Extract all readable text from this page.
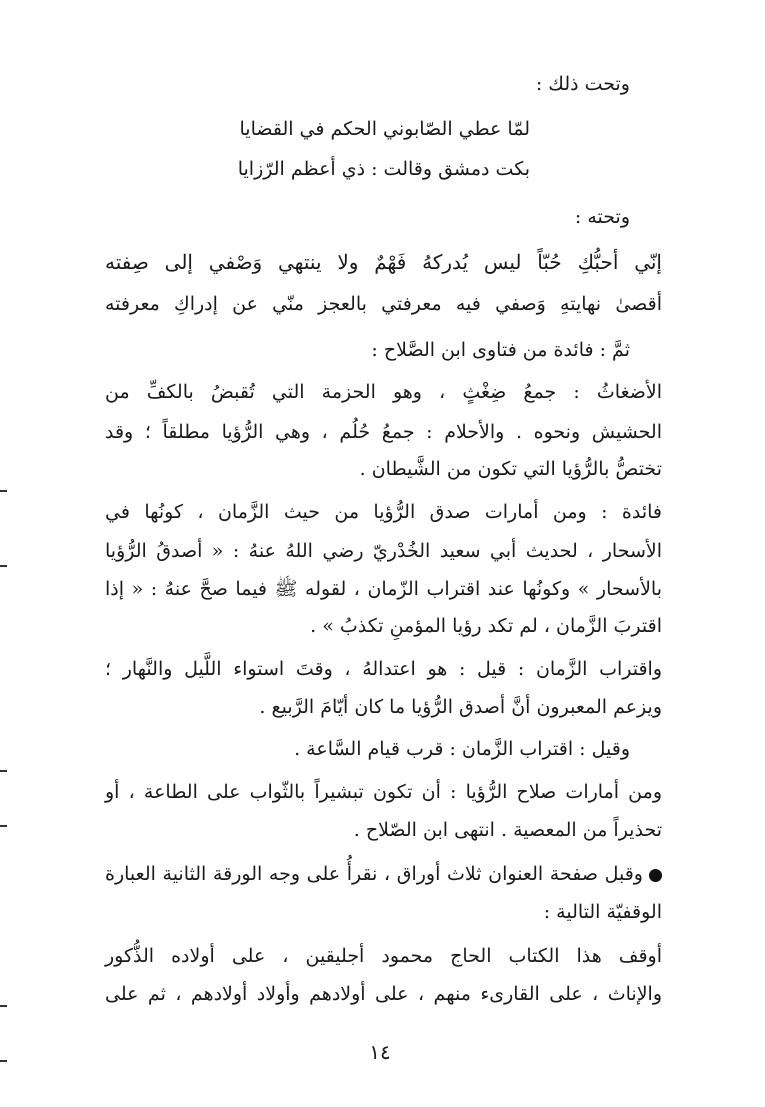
وتحت ذلك :
لمّا عطي الصّابوني الحكم في القضايا
بكت دمشق وقالت : ذي أعظم الرّزايا
وتحته :
إنّي أحبُّكِ حُبّاً ليس يُدركهُ فَهْمٌ ولا ينتهي وَصْفي إلى صِفته
أقصىٰ نهايتهِ وَصفي فيه معرفتي بالعجز منّي عن إدراكِ معرفته
ثمَّ : فائدة من فتاوى ابن الصَّلاح :
الأضغاثُ : جمعُ ضِغْثٍ ، وهو الحزمة التي تُقبضُ بالكفِّ من
الحشيش ونحوه . والأحلام : جمعُ حُلُم ، وهي الرُّؤيا مطلقاً ؛ وقد
تختصُّ بالرُّؤيا التي تكون من الشَّيطان .
فائدة : ومن أمارات صدق الرُّؤيا من حيث الزَّمان ، كونُها في
الأسحار ، لحديث أبي سعيد الخُدْريّ رضي اللهُ عنهُ : « أصدقُ الرُّؤيا
بالأسحار » وكونُها عند اقتراب الزّمان ، لقوله ﷺ فيما صحَّ عنهُ : « إذا
اقتربَ الزَّمان ، لم تكد رؤيا المؤمنِ تكذبُ » .
واقتراب الزَّمان : قيل : هو اعتدالهُ ، وقتَ استواء اللَّيل والنَّهار ؛
ويزعم المعبرون أنَّ أصدق الرُّؤيا ما كان أيّامَ الرَّبيع .
وقيل : اقتراب الزَّمان : قرب قيام السَّاعة .
ومن أمارات صلاح الرُّؤيا : أن تكون تبشيراً بالثّواب على الطاعة ، أو
تحذيراً من المعصية . انتهى ابن الصّلاح .
وقبل صفحة العنوان ثلاث أوراق ، نقرأُ على وجه الورقة الثانية العبارة
الوقفيّة التالية :
أوقف هذا الكتاب الحاج محمود أجليقين ، على أولاده الذُّكور
والإناث ، على القارىء منهم ، على أولادهم وأولاد أولادهم ، ثم على
١٤
